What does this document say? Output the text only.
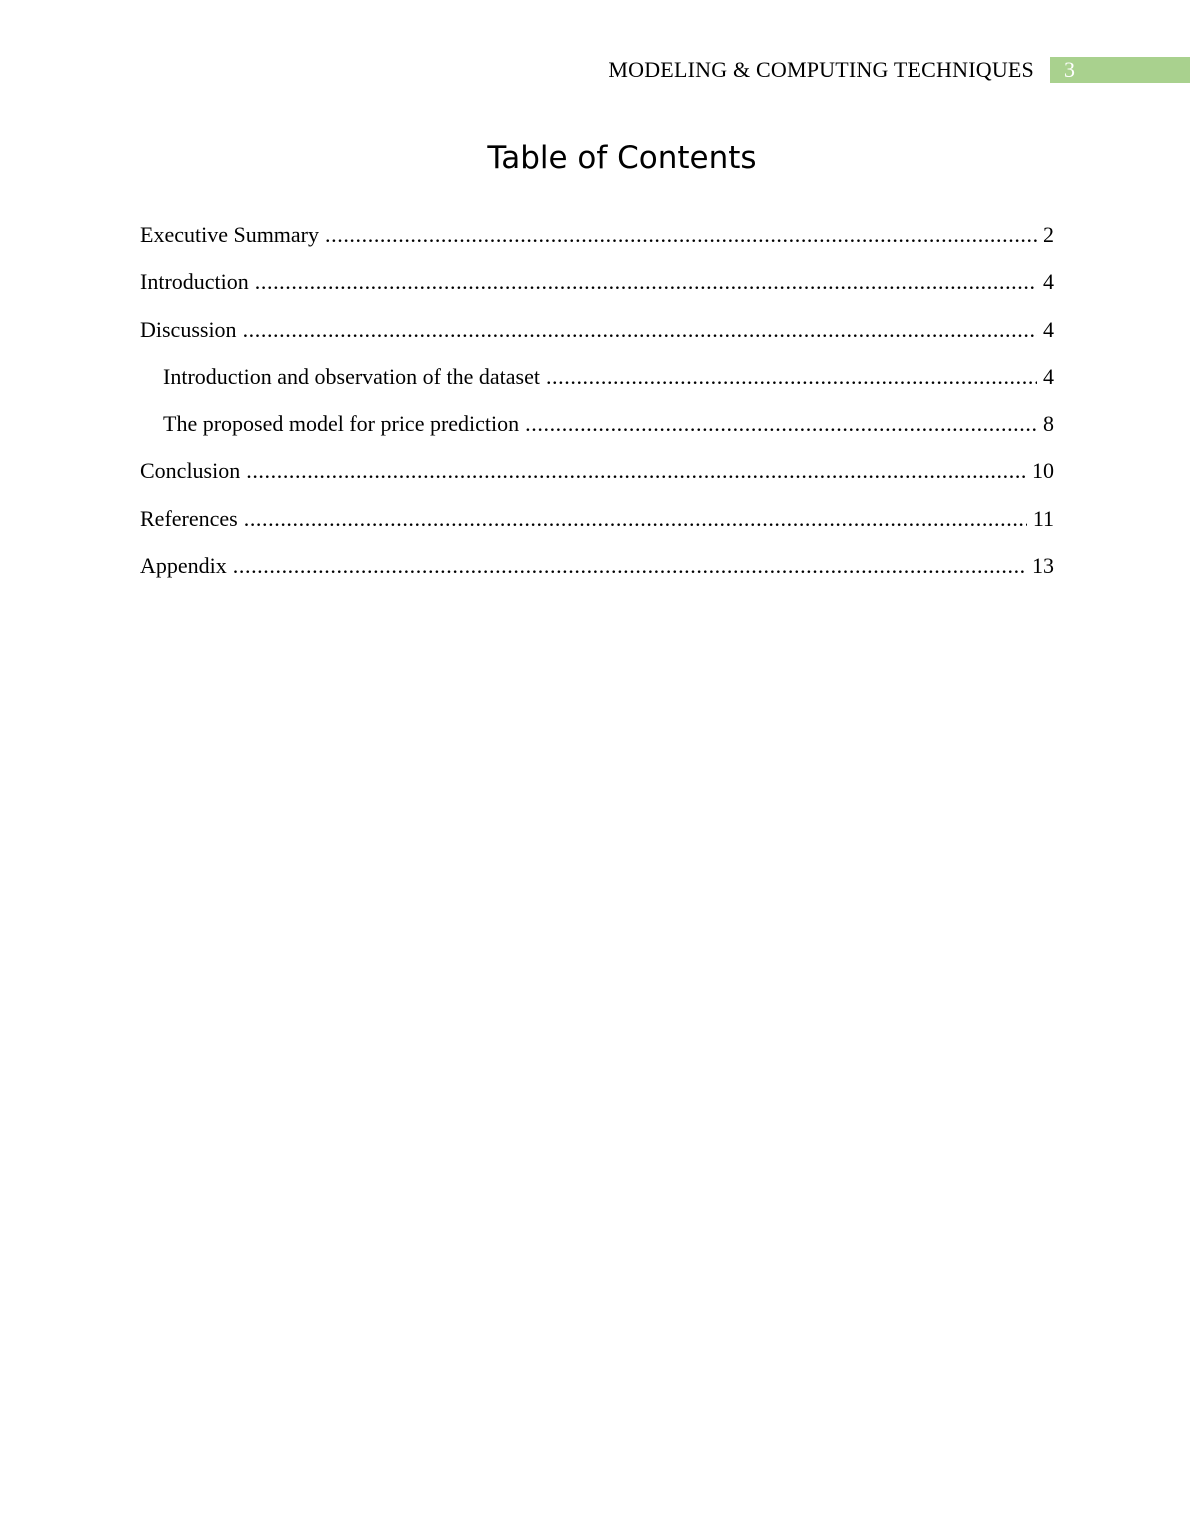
MODELING & COMPUTING TECHNIQUES 3
Table of Contents
Executive Summary .....	2
Introduction .....	4
Discussion .....	4
Introduction and observation of the dataset .....	4
The proposed model for price prediction .....	8
Conclusion .....	10
References .....	11
Appendix .....	13
